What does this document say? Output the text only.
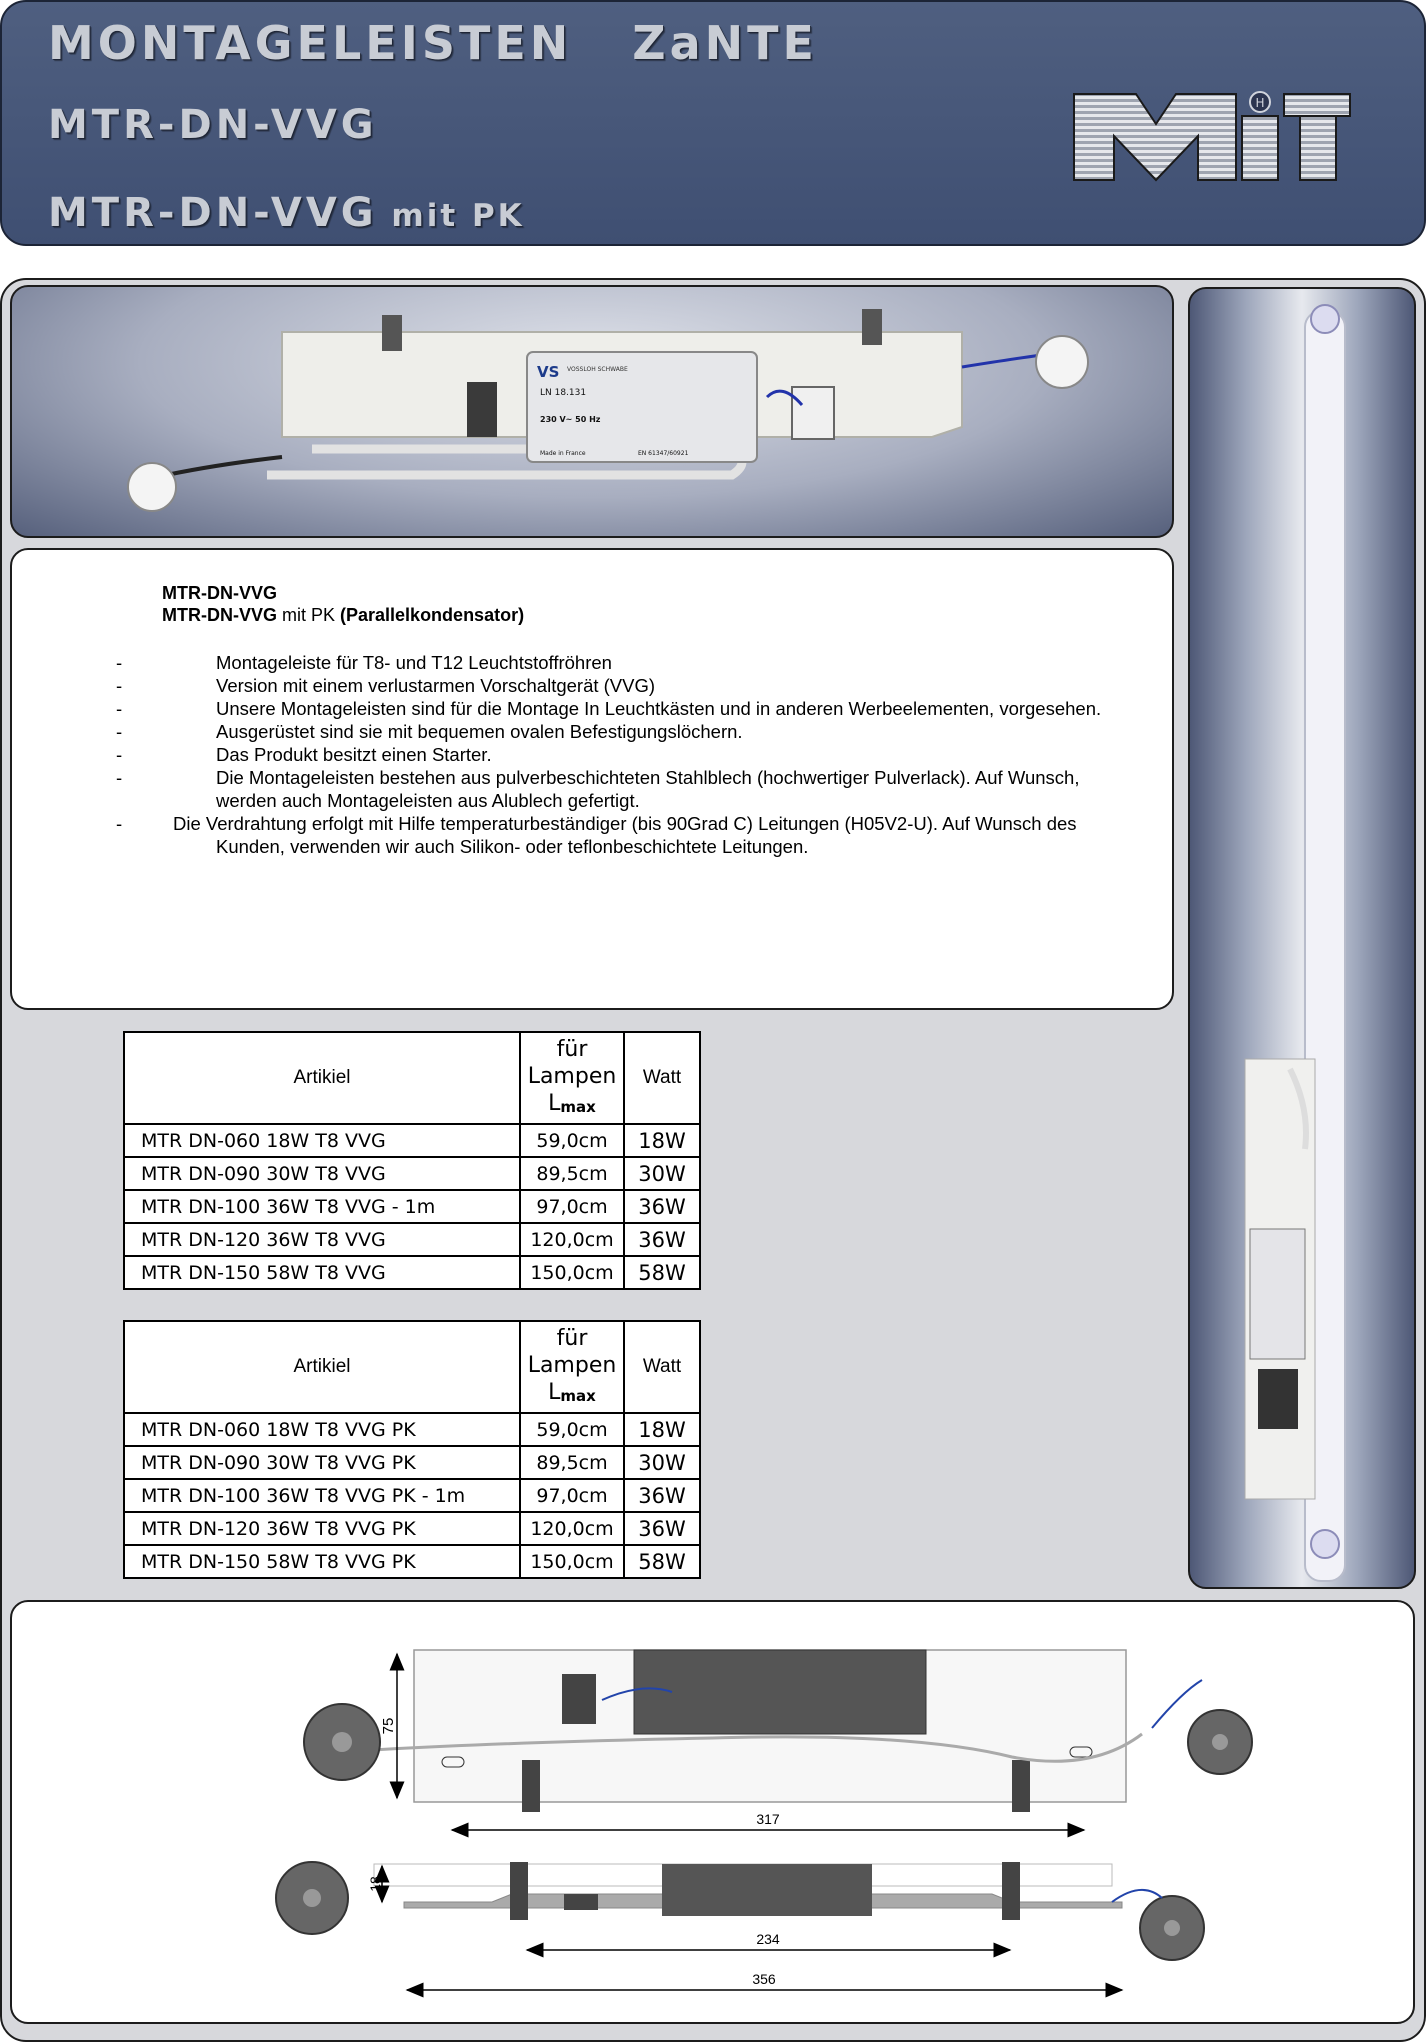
MONTAGELEISTEN   ZaNTE

MTR-DN-VVG

MTR-DN-VVG mit PK

H
VS VOSSLOH SCHWABE
LN 18.131
230 V~ 50 Hz
Made in France	EN 61347/60921

MTR-DN-VVG

MTR-DN-VVG mit PK (Parallelkondensator)

-	Montageleiste für T8- und T12 Leuchtstoffröhren
-	Version mit einem verlustarmen Vorschaltgerät (VVG)
-	Unsere Montageleisten sind für die Montage In Leuchtkästen und in anderen Werbeelementen, vorgesehen.
-	Ausgerüstet sind sie mit bequemen ovalen Befestigungslöchern.
-	Das Produkt besitzt einen Starter.
-	Die Montageleisten bestehen aus pulverbeschichteten Stahlblech (hochwertiger Pulverlack). Auf Wunsch, werden auch Montageleisten aus Alublech gefertigt.
-	Die Verdrahtung erfolgt mit Hilfe temperaturbeständiger (bis 90Grad C) Leitungen (H05V2-U). Auf Wunsch des Kunden, verwenden wir auch Silikon- oder teflonbeschichtete Leitungen.
Artikiel	für
Lampen
$L_{max}$	Watt
MTR DN-060 18W T8 VVG	59,0cm	18W
MTR DN-090 30W T8 VVG	89,5cm	30W
MTR DN-100 36W T8 VVG - 1m	97,0cm	36W
MTR DN-120 36W T8 VVG	120,0cm	36W
MTR DN-150 58W T8 VVG	150,0cm	58W
Artikiel	für
Lampen
$L_{max}$	Watt
MTR DN-060 18W T8 VVG PK	59,0cm	18W
MTR DN-090 30W T8 VVG PK	89,5cm	30W
MTR DN-100 36W T8 VVG PK - 1m	97,0cm	36W
MTR DN-120 36W T8 VVG PK	120,0cm	36W
MTR DN-150 58W T8 VVG PK	150,0cm	58W
75
317
18
234
356
